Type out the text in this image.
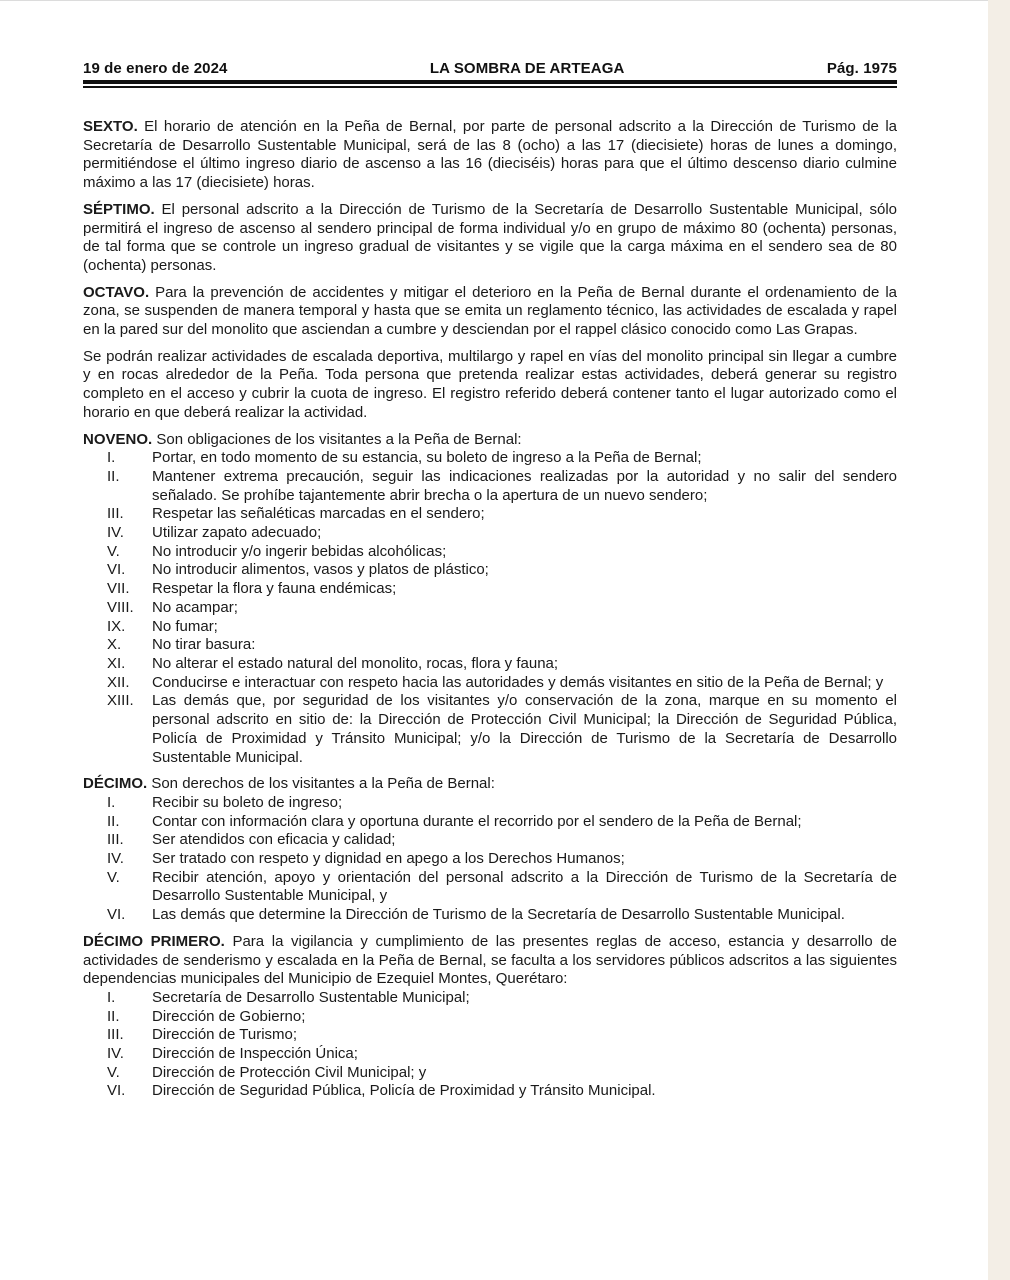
19 de enero de 2024	LA SOMBRA DE ARTEAGA	Pág. 1975

SEXTO. El horario de atención en la Peña de Bernal, por parte de personal adscrito a la Dirección de Turismo de la Secretaría de Desarrollo Sustentable Municipal, será de las 8 (ocho) a las 17 (diecisiete) horas de lunes a domingo, permitiéndose el último ingreso diario de ascenso a las 16 (dieciséis) horas para que el último descenso diario culmine máximo a las 17 (diecisiete) horas.

SÉPTIMO. El personal adscrito a la Dirección de Turismo de la Secretaría de Desarrollo Sustentable Municipal, sólo permitirá el ingreso de ascenso al sendero principal de forma individual y/o en grupo de máximo 80 (ochenta) personas, de tal forma que se controle un ingreso gradual de visitantes y se vigile que la carga máxima en el sendero sea de 80 (ochenta) personas.

OCTAVO. Para la prevención de accidentes y mitigar el deterioro en la Peña de Bernal durante el ordenamiento de la zona, se suspenden de manera temporal y hasta que se emita un reglamento técnico, las actividades de escalada y rapel en la pared sur del monolito que asciendan a cumbre y desciendan por el rappel clásico conocido como Las Grapas.

Se podrán realizar actividades de escalada deportiva, multilargo y rapel en vías del monolito principal sin llegar a cumbre y en rocas alrededor de la Peña. Toda persona que pretenda realizar estas actividades, deberá generar su registro completo en el acceso y cubrir la cuota de ingreso. El registro referido deberá contener tanto el lugar autorizado como el horario en que deberá realizar la actividad.

NOVENO. Son obligaciones de los visitantes a la Peña de Bernal:

I.	Portar, en todo momento de su estancia, su boleto de ingreso a la Peña de Bernal;
II.	Mantener extrema precaución, seguir las indicaciones realizadas por la autoridad y no salir del sendero señalado. Se prohíbe tajantemente abrir brecha o la apertura de un nuevo sendero;
III.	Respetar las señaléticas marcadas en el sendero;
IV.	Utilizar zapato adecuado;
V.	No introducir y/o ingerir bebidas alcohólicas;
VI.	No introducir alimentos, vasos y platos de plástico;
VII.	Respetar la flora y fauna endémicas;
VIII.	No acampar;
IX.	No fumar;
X.	No tirar basura:
XI.	No alterar el estado natural del monolito, rocas, flora y fauna;
XII.	Conducirse e interactuar con respeto hacia las autoridades y demás visitantes en sitio de la Peña de Bernal; y
XIII.	Las demás que, por seguridad de los visitantes y/o conservación de la zona, marque en su momento el personal adscrito en sitio de: la Dirección de Protección Civil Municipal; la Dirección de Seguridad Pública, Policía de Proximidad y Tránsito Municipal; y/o la Dirección de Turismo de la Secretaría de Desarrollo Sustentable Municipal.

DÉCIMO. Son derechos de los visitantes a la Peña de Bernal:

I.	Recibir su boleto de ingreso;
II.	Contar con información clara y oportuna durante el recorrido por el sendero de la Peña de Bernal;
III.	Ser atendidos con eficacia y calidad;
IV.	Ser tratado con respeto y dignidad en apego a los Derechos Humanos;
V.	Recibir atención, apoyo y orientación del personal adscrito a la Dirección de Turismo de la Secretaría de Desarrollo Sustentable Municipal, y
VI.	Las demás que determine la Dirección de Turismo de la Secretaría de Desarrollo Sustentable Municipal.

DÉCIMO PRIMERO. Para la vigilancia y cumplimiento de las presentes reglas de acceso, estancia y desarrollo de actividades de senderismo y escalada en la Peña de Bernal, se faculta a los servidores públicos adscritos a las siguientes dependencias municipales del Municipio de Ezequiel Montes, Querétaro:

I.	Secretaría de Desarrollo Sustentable Municipal;
II.	Dirección de Gobierno;
III.	Dirección de Turismo;
IV.	Dirección de Inspección Única;
V.	Dirección de Protección Civil Municipal; y
VI.	Dirección de Seguridad Pública, Policía de Proximidad y Tránsito Municipal.
